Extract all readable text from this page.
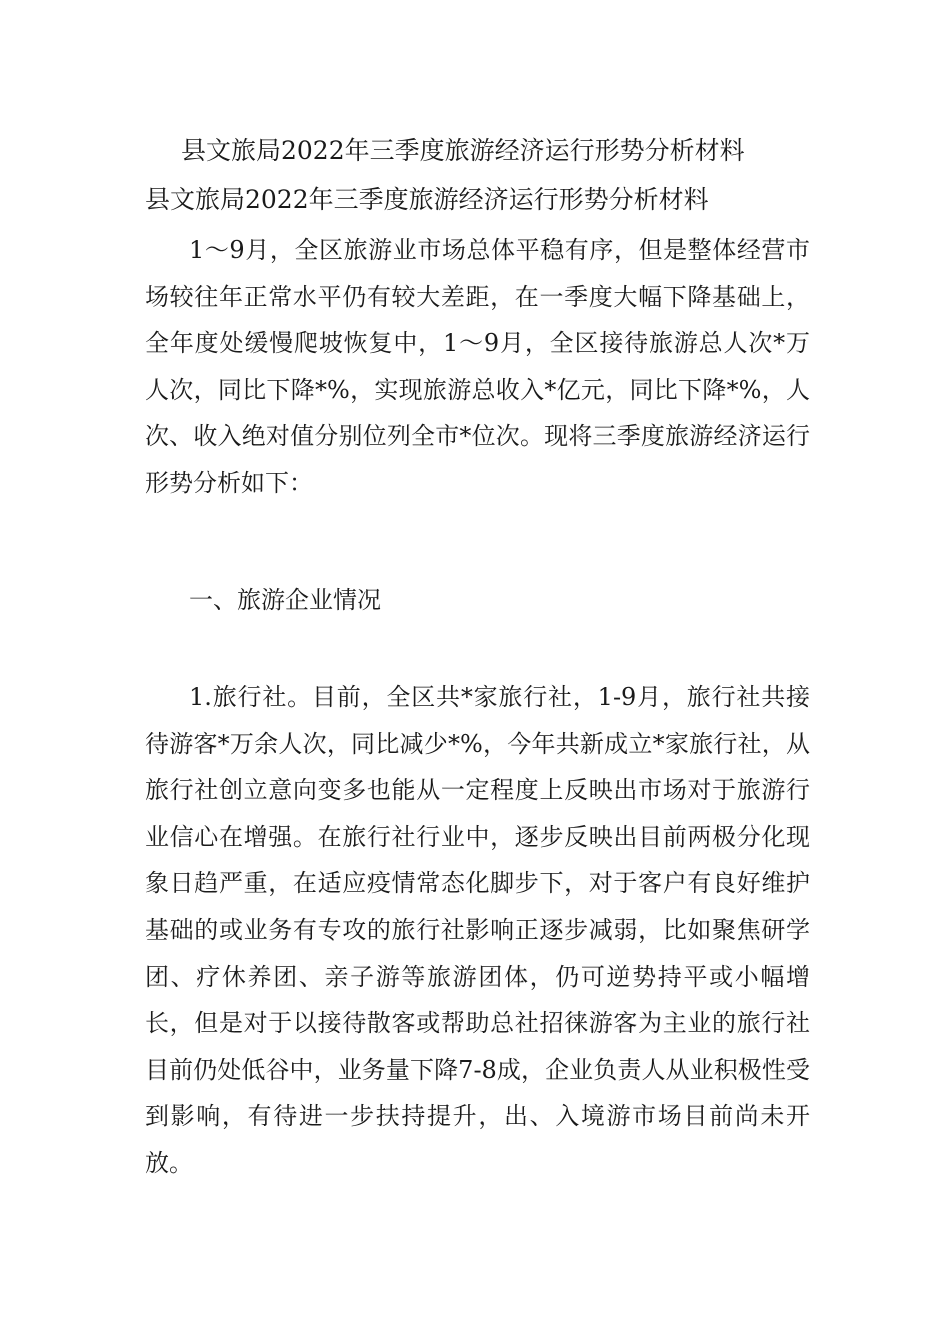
县文旅局2022年三季度旅游经济运行形势分析材料
县文旅局2022年三季度旅游经济运行形势分析材料

1～9月，全区旅游业市场总体平稳有序，但是整体经营市场较往年正常水平仍有较大差距，在一季度大幅下降基础上，全年度处缓慢爬坡恢复中，1～9月，全区接待旅游总人次*万人次，同比下降*%，实现旅游总收入*亿元，同比下降*%，人次、收入绝对值分别位列全市*位次。现将三季度旅游经济运行形势分析如下：

一、旅游企业情况

1.旅行社。目前，全区共*家旅行社，1-9月，旅行社共接待游客*万余人次，同比减少*%，今年共新成立*家旅行社，从旅行社创立意向变多也能从一定程度上反映出市场对于旅游行业信心在增强。在旅行社行业中，逐步反映出目前两极分化现象日趋严重，在适应疫情常态化脚步下，对于客户有良好维护基础的或业务有专攻的旅行社影响正逐步减弱，比如聚焦研学团、疗休养团、亲子游等旅游团体，仍可逆势持平或小幅增长，但是对于以接待散客或帮助总社招徕游客为主业的旅行社目前仍处低谷中，业务量下降7-8成，企业负责人从业积极性受到影响，有待进一步扶持提升，出、入境游市场目前尚未开放。
